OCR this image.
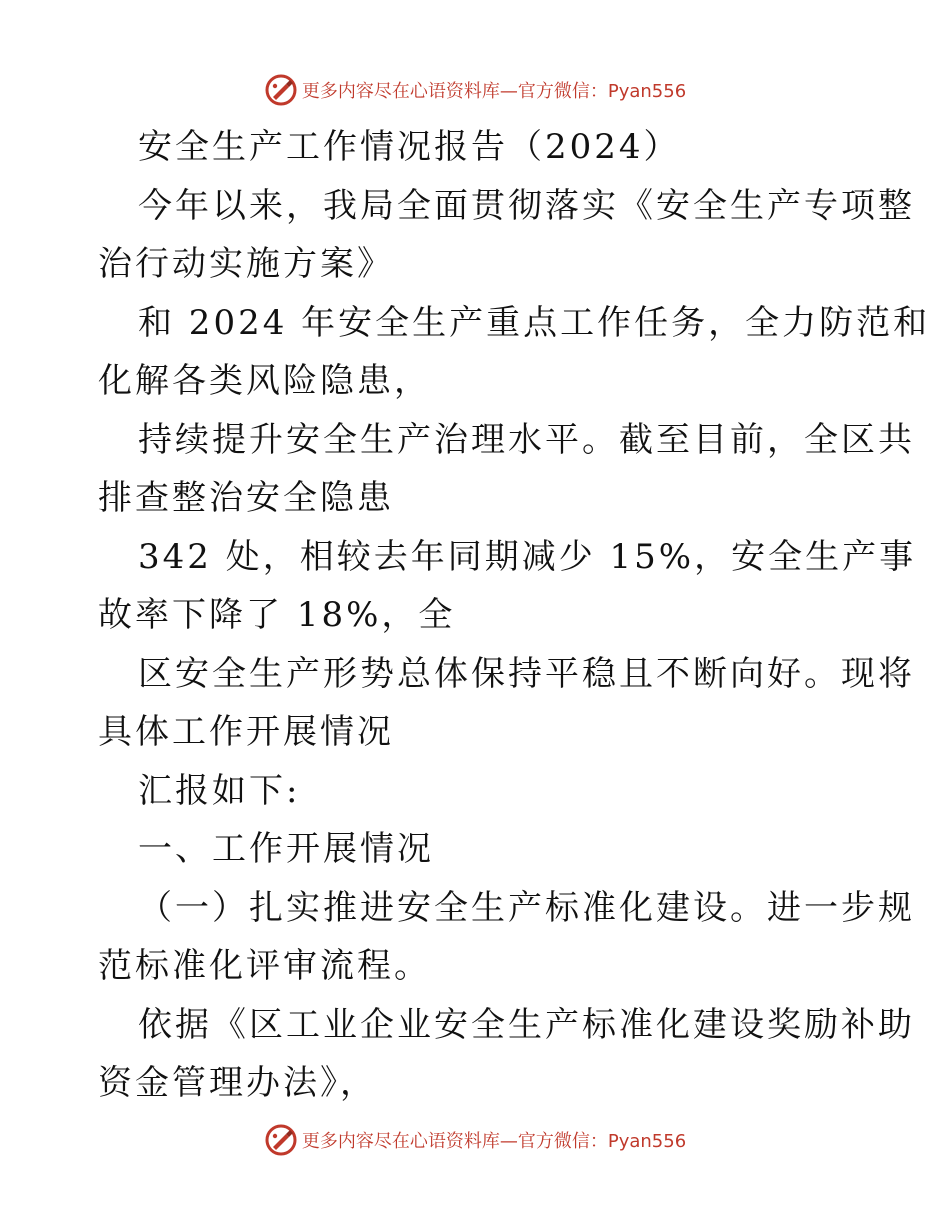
更多内容尽在心语资料库—官方微信：Pyan556

安全生产工作情况报告（2024）

今年以来，我局全面贯彻落实《安全生产专项整

治行动实施方案》

和 2024 年安全生产重点工作任务，全力防范和

化解各类风险隐患，

持续提升安全生产治理水平。截至目前，全区共

排查整治安全隐患

342 处，相较去年同期减少 15%，安全生产事

故率下降了 18%，全

区安全生产形势总体保持平稳且不断向好。现将

具体工作开展情况

汇报如下:

一、工作开展情况

（一）扎实推进安全生产标准化建设。进一步规

范标准化评审流程。

依据《区工业企业安全生产标准化建设奖励补助

资金管理办法》，

更多内容尽在心语资料库—官方微信：Pyan556
